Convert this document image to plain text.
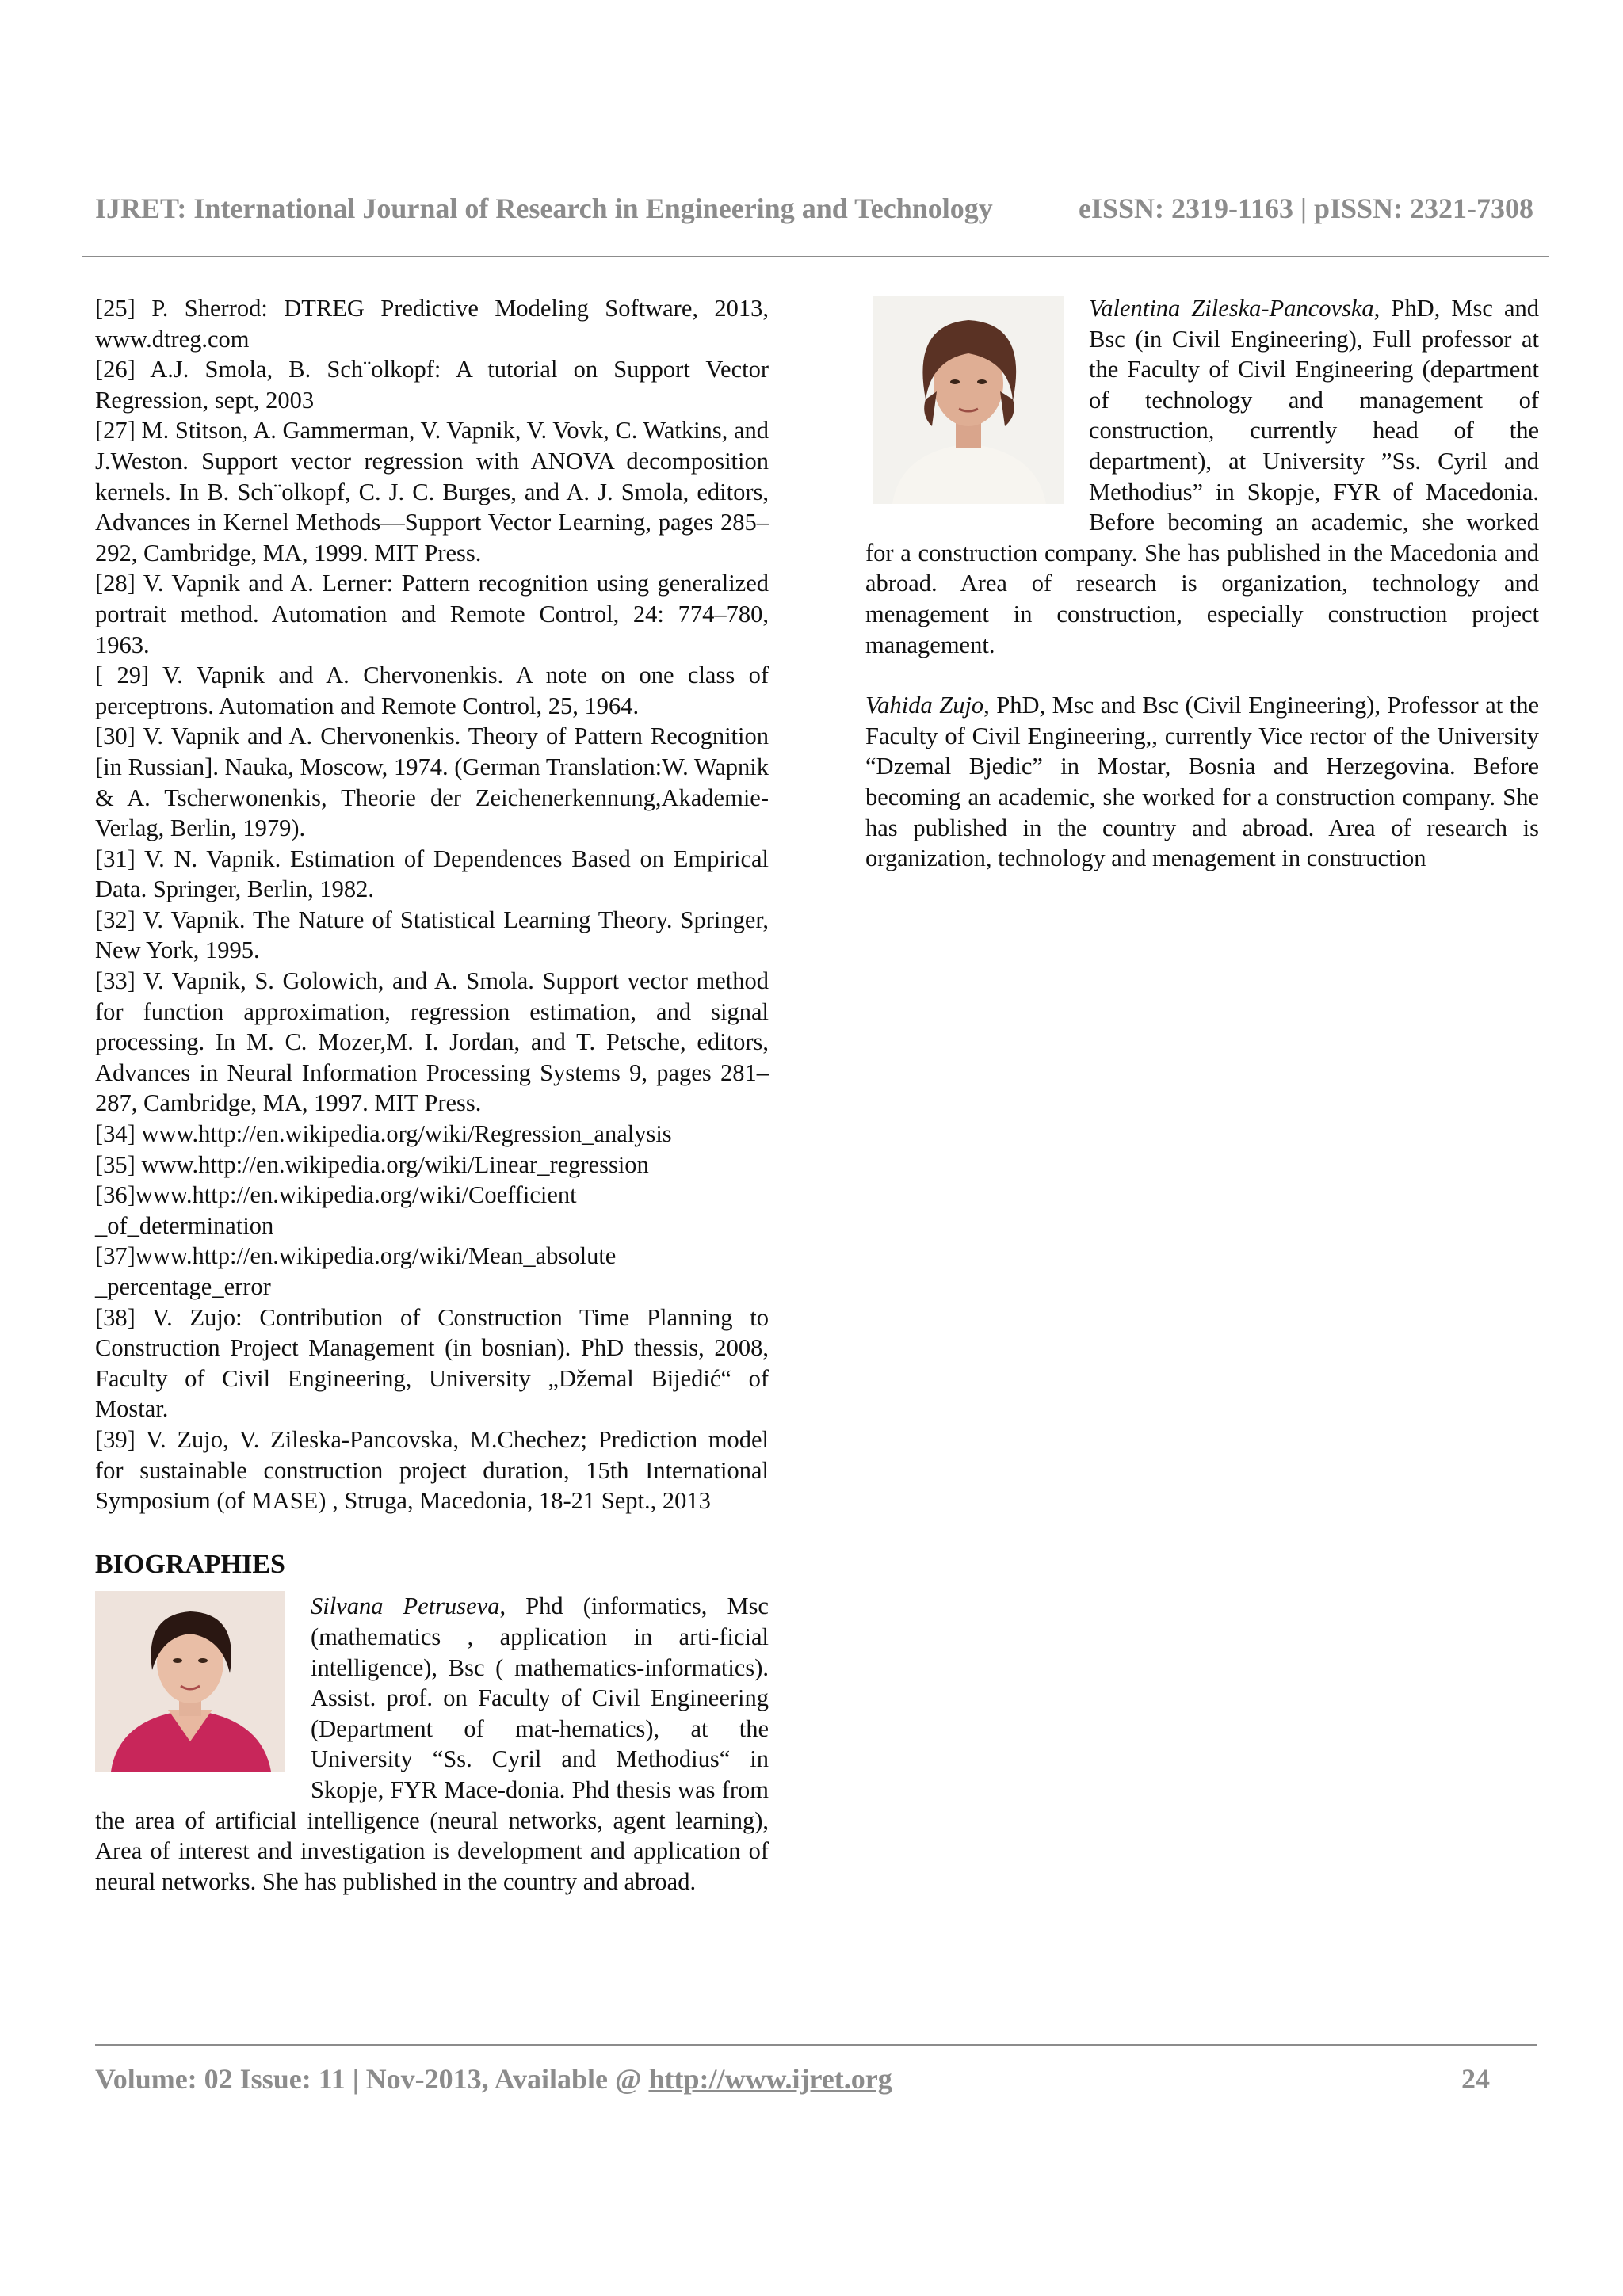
IJRET: International Journal of Research in Engineering and Technology	eISSN: 2319-1163 | pISSN: 2321-7308

[25] P. Sherrod: DTREG Predictive Modeling Software, 2013, www.dtreg.com

[26] A.J. Smola, B. Sch¨olkopf: A tutorial on Support Vector Regression, sept, 2003

[27] M. Stitson, A. Gammerman, V. Vapnik, V. Vovk, C. Watkins, and J.Weston. Support vector regression with ANOVA decomposition kernels. In B. Sch¨olkopf, C. J. C. Burges, and A. J. Smola, editors, Advances in Kernel Methods—Support Vector Learning, pages 285–292, Cambridge, MA, 1999. MIT Press.

[28] V. Vapnik and A. Lerner: Pattern recognition using generalized portrait method. Automation and Remote Control, 24: 774–780, 1963.

[ 29] V. Vapnik and A. Chervonenkis. A note on one class of perceptrons. Automation and Remote Control, 25, 1964.

[30] V. Vapnik and A. Chervonenkis. Theory of Pattern Recognition [in Russian]. Nauka, Moscow, 1974. (German Translation:W. Wapnik & A. Tscherwonenkis, Theorie der Zeichenerkennung,Akademie-Verlag, Berlin, 1979).

[31] V. N. Vapnik. Estimation of Dependences Based on Empirical Data. Springer, Berlin, 1982.

[32] V. Vapnik. The Nature of Statistical Learning Theory. Springer, New York, 1995.

[33] V. Vapnik, S. Golowich, and A. Smola. Support vector method for function approximation, regression estimation, and signal processing. In M. C. Mozer,M. I. Jordan, and T. Petsche, editors, Advances in Neural Information Processing Systems 9, pages 281–287, Cambridge, MA, 1997. MIT Press.

[34] www.http://en.wikipedia.org/wiki/Regression_analysis

[35] www.http://en.wikipedia.org/wiki/Linear_regression

[36]www.http://en.wikipedia.org/wiki/Coefficient
_of_determination

[37]www.http://en.wikipedia.org/wiki/Mean_absolute
_percentage_error

[38] V. Zujo: Contribution of Construction Time Planning to Construction Project Management (in bosnian). PhD thessis, 2008, Faculty of Civil Engineering, University „Džemal Bijedić“ of Mostar.

[39] V. Zujo, V. Zileska-Pancovska, M.Chechez; Prediction model for sustainable construction project duration, 15th International Symposium (of MASE) , Struga, Macedonia, 18-21 Sept., 2013

BIOGRAPHIES

Silvana Petruseva, Phd (informatics, Msc (mathematics , application in arti-ficial intelligence), Bsc ( mathematics-informatics). Assist. prof. on Faculty of Civil Engineering (Department of mat-hematics), at the University “Ss. Cyril and Methodius“ in Skopje, FYR Mace-donia. Phd thesis was from the area of artificial intelligence (neural networks, agent learning), Area of interest and investigation is development and application of neural networks. She has published in the country and abroad.

Valentina Zileska-Pancovska, PhD, Msc and Bsc (in Civil Engineering), Full professor at the Faculty of Civil Engineering (department of technology and management of construction, currently head of the department), at University ”Ss. Cyril and Methodius” in Skopje, FYR of Macedonia. Before becoming an academic, she worked for a construction company. She has published in the Macedonia and abroad. Area of research is organization, technology and menagement in construction, especially construction project management.

Vahida Zujo, PhD, Msc and Bsc (Civil Engineering), Professor at the Faculty of Civil Engineering,, currently Vice rector of the University “Dzemal Bjedic” in Mostar, Bosnia and Herzegovina. Before becoming an academic, she worked for a construction company. She has published in the country and abroad. Area of research is organization, technology and menagement in construction

Volume: 02 Issue: 11 | Nov-2013, Available @ http://www.ijret.org	24
